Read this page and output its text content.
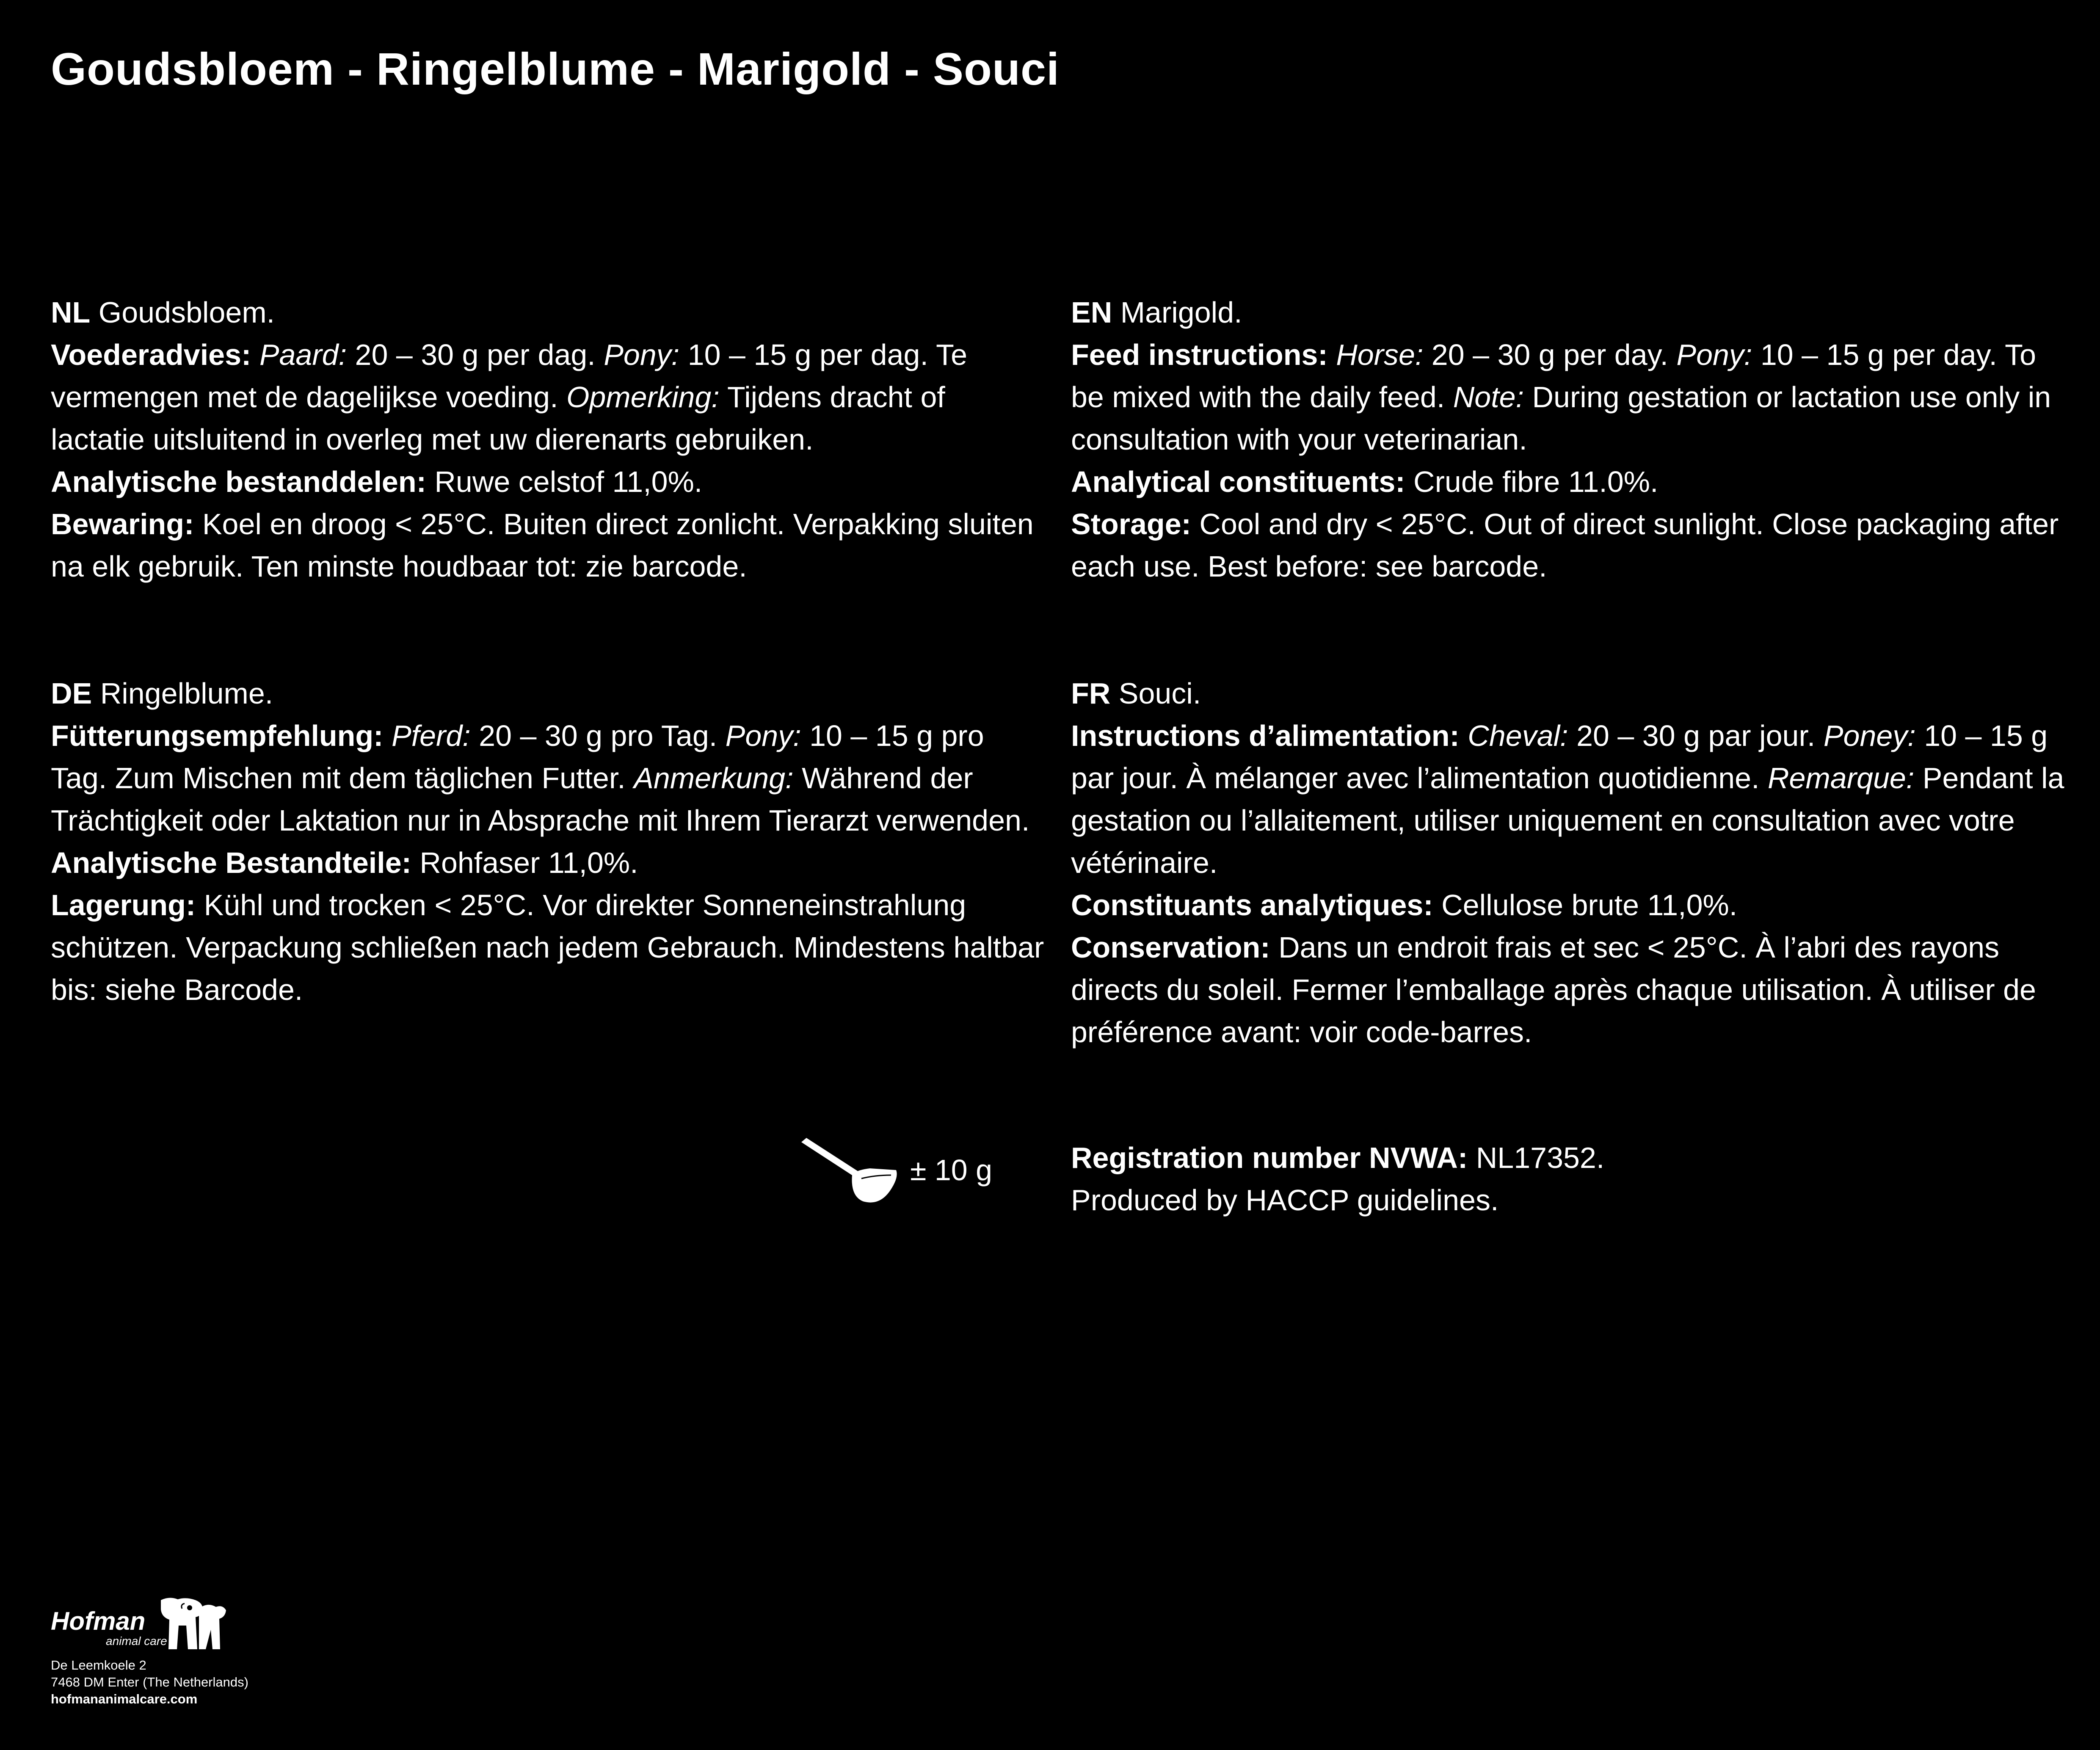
Goudsbloem - Ringelblume - Marigold - Souci

NL Goudsbloem.

Voederadvies: Paard: 20 – 30 g per dag. Pony: 10 – 15 g per dag. Te vermengen met de dagelijkse voeding. Opmerking: Tijdens dracht of lactatie uitsluitend in overleg met uw dierenarts gebruiken.

Analytische bestanddelen: Ruwe celstof 11,0%.

Bewaring: Koel en droog < 25°C. Buiten direct zonlicht. Verpakking sluiten na elk gebruik. Ten minste houdbaar tot: zie barcode.

EN Marigold.

Feed instructions: Horse: 20 – 30 g per day. Pony: 10 – 15 g per day. To be mixed with the daily feed. Note: During gestation or lactation use only in consultation with your veterinarian.

Analytical constituents: Crude fibre 11.0%.

Storage: Cool and dry < 25°C. Out of direct sunlight. Close packaging after each use. Best before: see barcode.

DE Ringelblume.

Fütterungsempfehlung: Pferd: 20 – 30 g pro Tag. Pony: 10 – 15 g pro Tag. Zum Mischen mit dem täglichen Futter. Anmerkung: Während der Trächtigkeit oder Laktation nur in Absprache mit Ihrem Tierarzt verwenden.

Analytische Bestandteile: Rohfaser 11,0%.

Lagerung: Kühl und trocken < 25°C. Vor direkter Sonneneinstrahlung schützen. Verpackung schließen nach jedem Gebrauch. Mindestens haltbar bis: siehe Barcode.

FR Souci.

Instructions d’alimentation: Cheval: 20 – 30 g par jour. Poney: 10 – 15 g par jour. À mélanger avec l’alimentation quotidienne. Remarque: Pendant la gestation ou l’allaitement, utiliser uniquement en consultation avec votre vétérinaire.

Constituants analytiques: Cellulose brute 11,0%.

Conservation: Dans un endroit frais et sec < 25°C. À l’abri des rayons directs du soleil. Fermer l’emballage après chaque utilisation. À utiliser de préférence avant: voir code-barres.

± 10 g	Registration number NVWA: NL17352.

Produced by HACCP guidelines.

Hofman
animal care
De Leemkoele 2
7468 DM Enter (The Netherlands)
hofmananimalcare.com
